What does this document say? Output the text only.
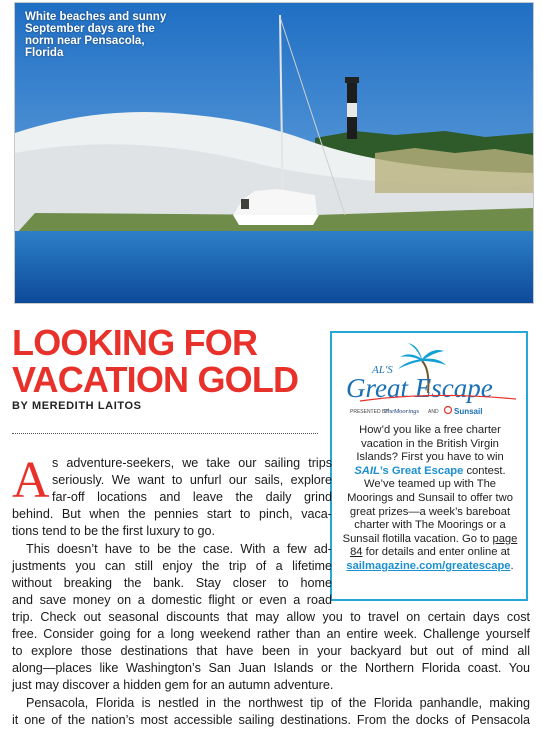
White beaches and sunny September days are the norm near Pensacola, Florida
LOOKING FOR
VACATION GOLD
BY MEREDITH LAITOS
AL'S
Great Escape
PRESENTED BY
TheMoorings AND Sunsail
How’d you like a free charter vacation in the British Virgin Islands? First you have to win SAIL’s Great Escape contest. We’ve teamed up with The Moorings and Sunsail to offer two great prizes—a week’s bareboat charter with The Moorings or a Sunsail flotilla vacation. Go to page 84 for details and enter online at sailmagazine.com/greatescape.
A s adventure-seekers, we take our sailing trips
seriously. We want to unfurl our sails, explore
far-off locations and leave the daily grind
behind. But when the pennies start to pinch, vaca-
tions tend to be the first luxury to go.
This doesn’t have to be the case. With a few ad-
justments you can still enjoy the trip of a lifetime
without breaking the bank. Stay closer to home
and save money on a domestic flight or even a road
trip. Check out seasonal discounts that may allow you to travel on certain days cost
free. Consider going for a long weekend rather than an entire week. Challenge yourself
to explore those destinations that have been in your backyard but out of mind all
along—places like Washington’s San Juan Islands or the Northern Florida coast. You
just may discover a hidden gem for an autumn adventure.
Pensacola, Florida is nestled in the northwest tip of the Florida panhandle, making
it one of the nation’s most accessible sailing destinations. From the docks of Pensacola
